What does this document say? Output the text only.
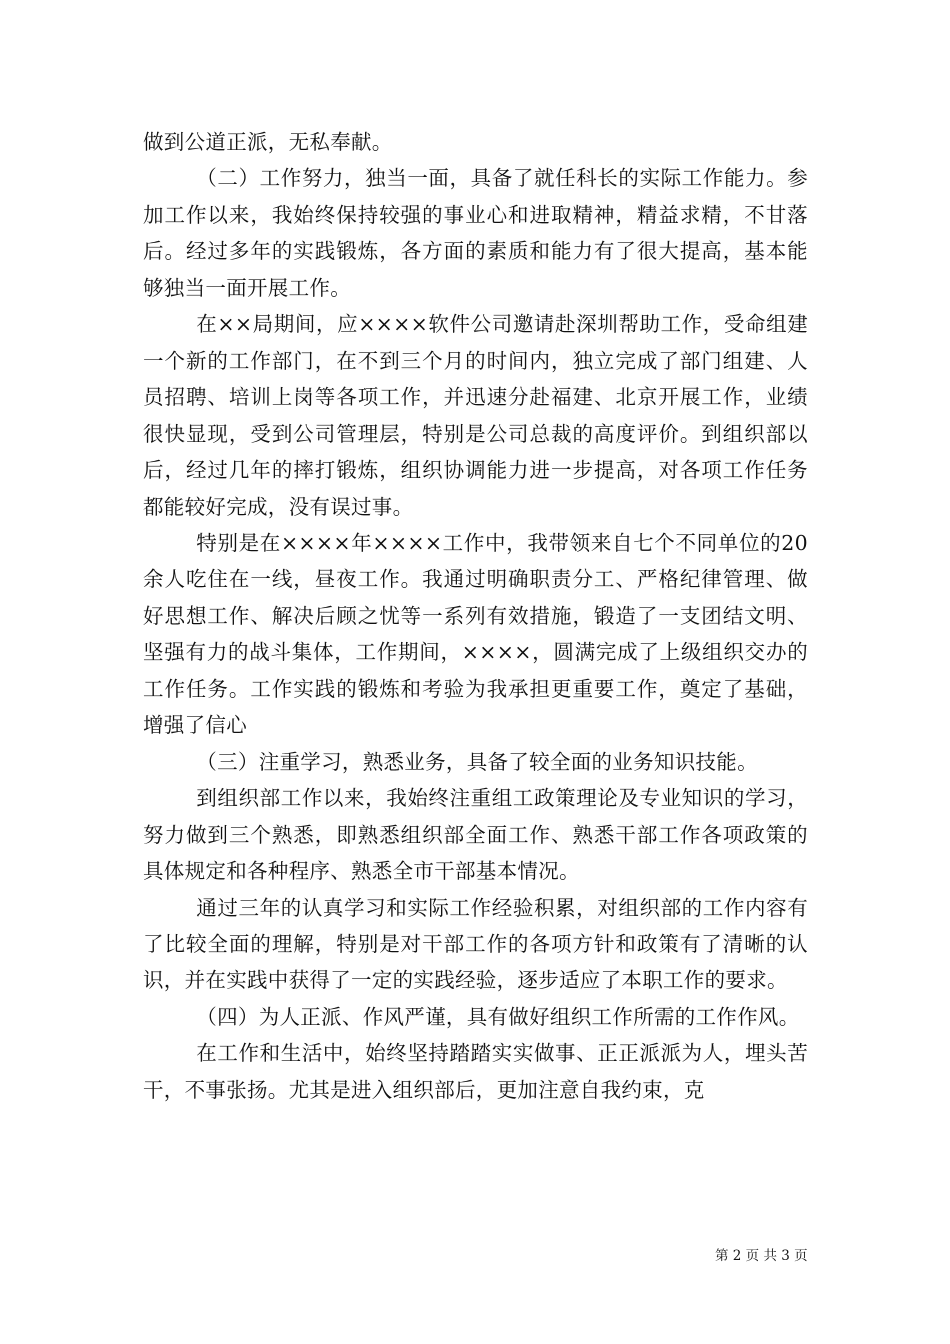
做到公道正派，无私奉献。

（二）工作努力，独当一面，具备了就任科长的实际工作能力。参加工作以来，我始终保持较强的事业心和进取精神，精益求精，不甘落后。经过多年的实践锻炼，各方面的素质和能力有了很大提高，基本能够独当一面开展工作。

在××局期间，应××××软件公司邀请赴深圳帮助工作，受命组建一个新的工作部门，在不到三个月的时间内，独立完成了部门组建、人员招聘、培训上岗等各项工作，并迅速分赴福建、北京开展工作，业绩很快显现，受到公司管理层，特别是公司总裁的高度评价。到组织部以后，经过几年的摔打锻炼，组织协调能力进一步提高，对各项工作任务都能较好完成，没有误过事。

特别是在××××年××××工作中，我带领来自七个不同单位的20余人吃住在一线，昼夜工作。我通过明确职责分工、严格纪律管理、做好思想工作、解决后顾之忧等一系列有效措施，锻造了一支团结文明、坚强有力的战斗集体，工作期间，××××，圆满完成了上级组织交办的工作任务。工作实践的锻炼和考验为我承担更重要工作，奠定了基础，增强了信心

（三）注重学习，熟悉业务，具备了较全面的业务知识技能。

到组织部工作以来，我始终注重组工政策理论及专业知识的学习，努力做到三个熟悉，即熟悉组织部全面工作、熟悉干部工作各项政策的具体规定和各种程序、熟悉全市干部基本情况。

通过三年的认真学习和实际工作经验积累，对组织部的工作内容有了比较全面的理解，特别是对干部工作的各项方针和政策有了清晰的认识，并在实践中获得了一定的实践经验，逐步适应了本职工作的要求。

（四）为人正派、作风严谨，具有做好组织工作所需的工作作风。

在工作和生活中，始终坚持踏踏实实做事、正正派派为人，埋头苦干，不事张扬。尤其是进入组织部后，更加注意自我约束，克

第 2 页 共 3 页
